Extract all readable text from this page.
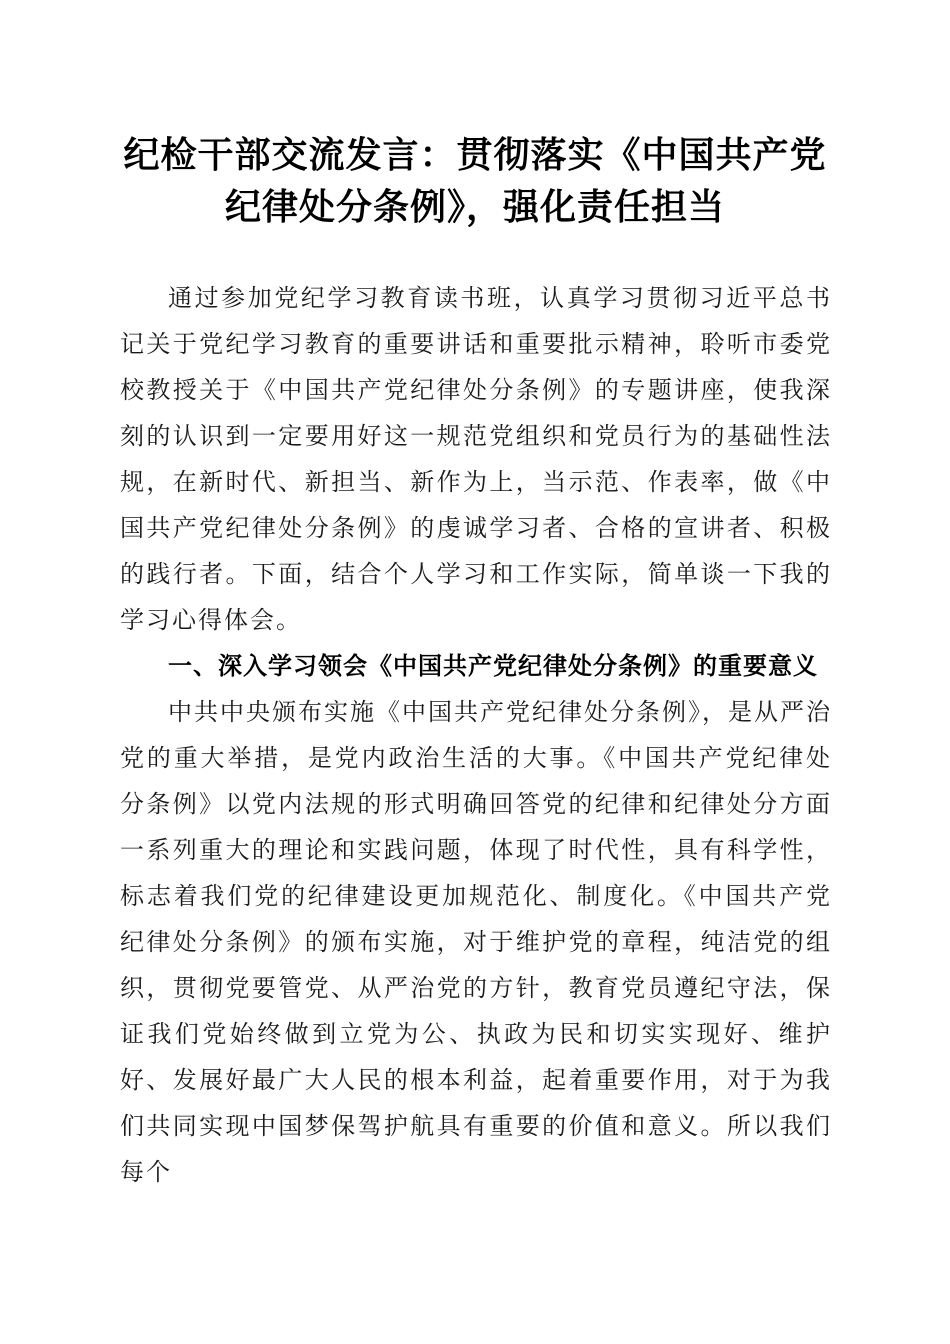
纪检干部交流发言：贯彻落实《中国共产党纪律处分条例》，强化责任担当

通过参加党纪学习教育读书班，认真学习贯彻习近平总书记关于党纪学习教育的重要讲话和重要批示精神，聆听市委党校教授关于《中国共产党纪律处分条例》的专题讲座，使我深刻的认识到一定要用好这一规范党组织和党员行为的基础性法规，在新时代、新担当、新作为上，当示范、作表率，做《中国共产党纪律处分条例》的虔诚学习者、合格的宣讲者、积极的践行者。下面，结合个人学习和工作实际，简单谈一下我的学习心得体会。

一、深入学习领会《中国共产党纪律处分条例》的重要意义

中共中央颁布实施《中国共产党纪律处分条例》，是从严治党的重大举措，是党内政治生活的大事。《中国共产党纪律处分条例》以党内法规的形式明确回答党的纪律和纪律处分方面一系列重大的理论和实践问题，体现了时代性，具有科学性，标志着我们党的纪律建设更加规范化、制度化。《中国共产党纪律处分条例》的颁布实施，对于维护党的章程，纯洁党的组织，贯彻党要管党、从严治党的方针，教育党员遵纪守法，保证我们党始终做到立党为公、执政为民和切实实现好、维护好、发展好最广大人民的根本利益，起着重要作用，对于为我们共同实现中国梦保驾护航具有重要的价值和意义。所以我们每个
